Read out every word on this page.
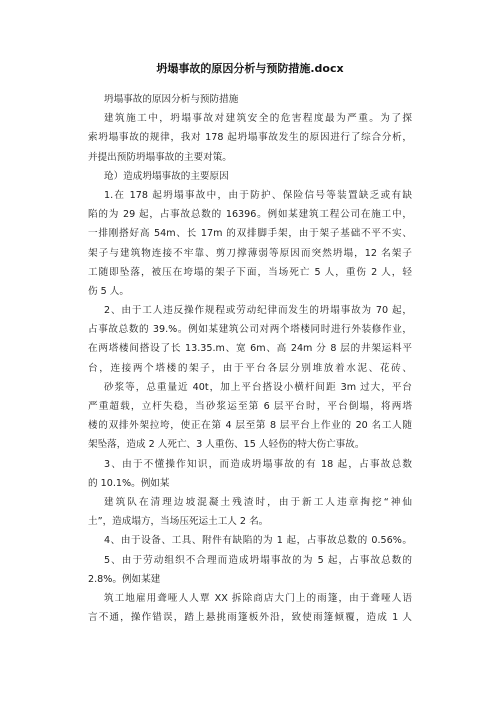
坍塌事故的原因分析与预防措施.docx
坍塌事故的原因分析与预防措施
建筑施工中，坍塌事故对建筑安全的危害程度最为严重。为了探
索坍塌事故的规律，我对 178 起坍塌事故发生的原因进行了综合分析，
并提出预防坍塌事故的主要对策。
玱）造成坍塌事故的主要原因
1.在 178 起坍塌事故中，由于防护、保险信号等装置缺乏或有缺
陷的为 29 起，占事故总数的 16396。例如某建筑工程公司在施工中，
一排刚搭好高 54m、长 17m 的双排脚手架，由于架子基础不平不实、
架子与建筑物连接不牢靠、剪刀撑薄弱等原因而突然坍塌，12 名架子
工随即坠落，被压在垮塌的架子下面，当场死亡 5 人，重伤 2 人，轻
伤 5 人。
2、由于工人违反操作规程或劳动纪律而发生的坍塌事故为 70 起，
占事故总数的 39.%。例如某建筑公司对两个塔楼同时进行外装修作业，
在两塔楼间搭设了长 13.35.m、宽 6m、高 24m 分 8 层的井架运料平
台，连接两个塔楼的架子，由于平台各层分别堆放着水泥、花砖、
砂浆等，总重量近 40t，加上平台搭设小横杆间距 3m 过大，平台
严重超载，立杆失稳，当砂浆运至第 6 层平台时，平台倒塌，将两塔
楼的双排外架拉垮，使正在第 4 层至第 8 层平台上作业的 20 名工人随
架坠落，造成 2 人死亡、3 人重伤、15 人轻伤的特大伤亡事故。
3、由于不懂操作知识，而造成坍塌事故的有 18 起，占事故总数
的 10.1%。例如某
建筑队在清理边坡混凝土残渣时，由于新工人违章掏挖“神仙
土”，造成塌方，当场压死运土工人 2 名。
4、由于设备、工具、附件有缺陷的为 1 起，占事故总数的 0.56%。
5、由于劳动组织不合理而造成坍塌事故的为 5 起，占事故总数的
2.8%。例如某建
筑工地雇用聋哑人人覃 XX 拆除商店大门上的雨篷，由于聋哑人语
言不通，操作错误，踏上悬挑雨篷板外沿，致使雨篷倾覆，造成 1 人
